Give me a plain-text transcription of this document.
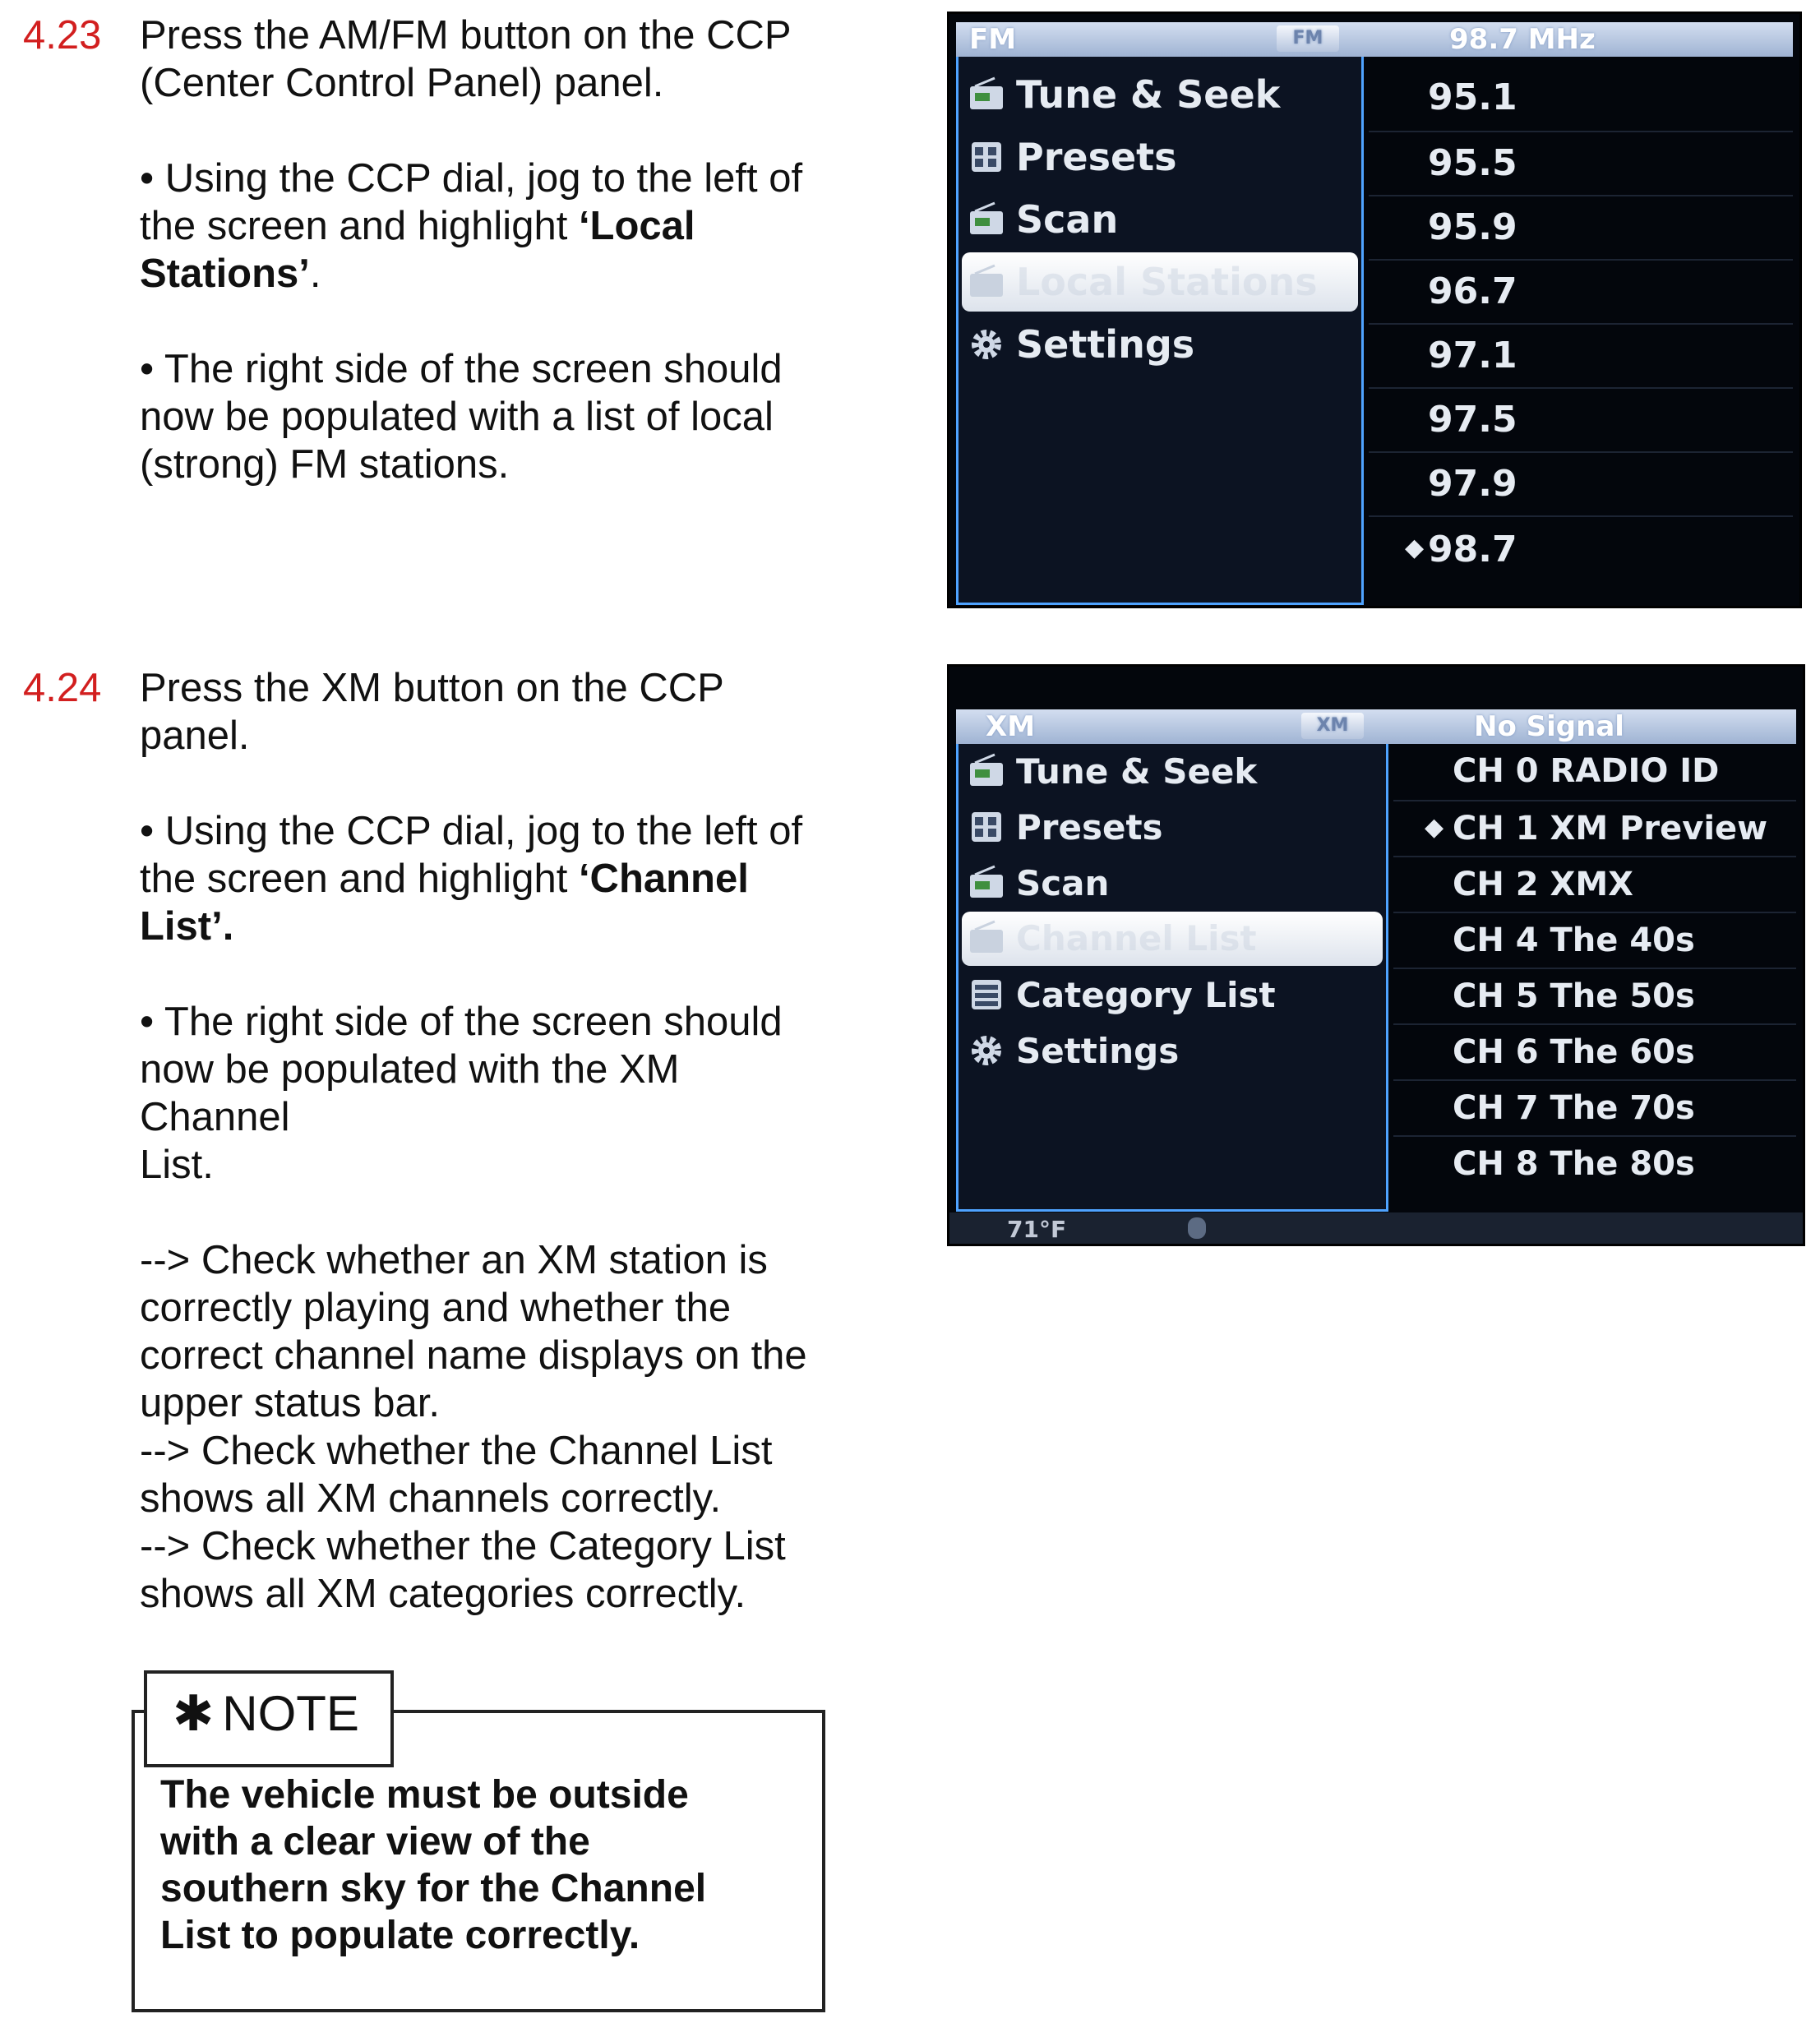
4.23 Press the AM/FM button on the CCP

(Center Control Panel) panel.

• Using the CCP dial, jog to the left of

the screen and highlight ‘Local

Stations’.

• The right side of the screen should

now be populated with a list of local

(strong) FM stations.

FM	FM	98.7 MHz
Tune & Seek
Presets
Scan
Local Stations
Settings
95.1
95.5
95.9
96.7
97.1
97.5
97.9
◆ 98.7
4.24 Press the XM button on the CCP

panel.

• Using the CCP dial, jog to the left of

the screen and highlight ‘Channel

List’.

• The right side of the screen should

now be populated with the XM

Channel

List.

--> Check whether an XM station is

correctly playing and whether the

correct channel name displays on the

upper status bar.

--> Check whether the Channel List

shows all XM channels correctly.

--> Check whether the Category List

shows all XM categories correctly.

XM	XM	No Signal
Tune & Seek
Presets
Scan
Channel List
Category List
Settings
CH 0 RADIO ID
◆ CH 1 XM Preview
CH 2 XMX
CH 4 The 40s
CH 5 The 50s
CH 6 The 60s
CH 7 The 70s
CH 8 The 80s
71°F
✱ NOTE
The vehicle must be outside
with a clear view of the
southern sky for the Channel
List to populate correctly.
